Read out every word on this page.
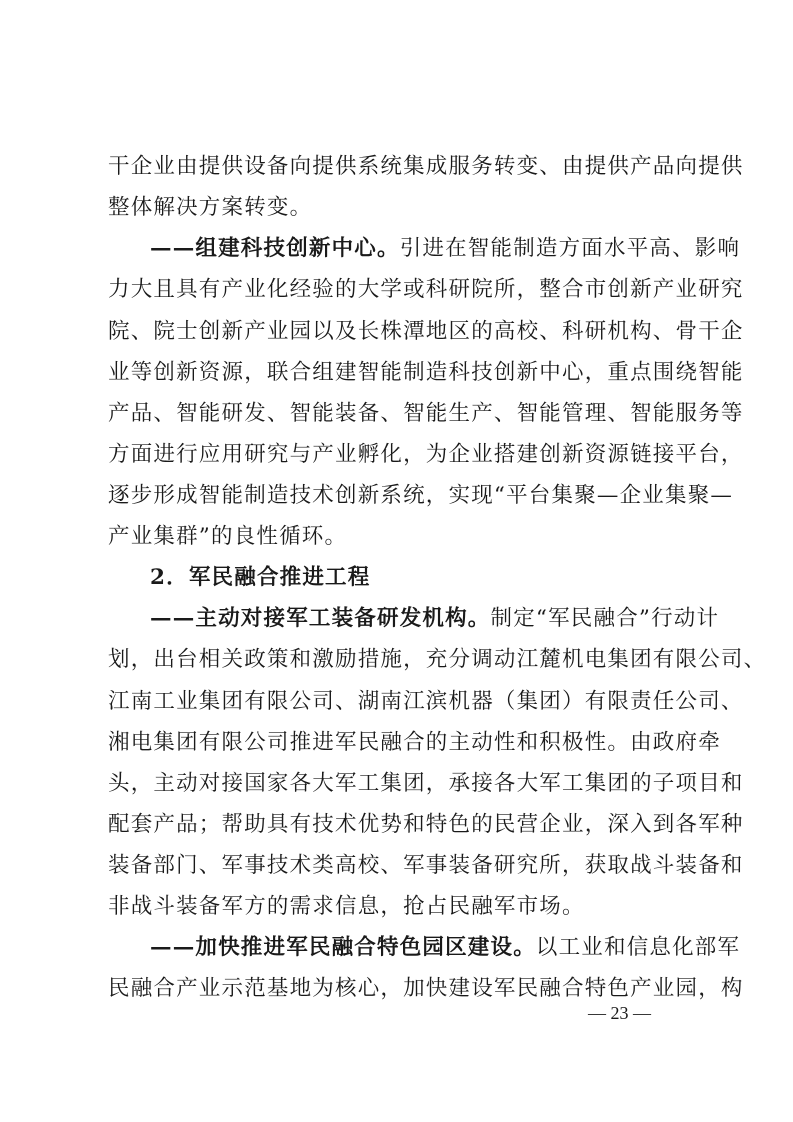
干企业由提供设备向提供系统集成服务转变、由提供产品向提供
整体解决方案转变。
——组建科技创新中心。引进在智能制造方面水平高、影响
力大且具有产业化经验的大学或科研院所，整合市创新产业研究
院、院士创新产业园以及长株潭地区的高校、科研机构、骨干企
业等创新资源，联合组建智能制造科技创新中心，重点围绕智能
产品、智能研发、智能装备、智能生产、智能管理、智能服务等
方面进行应用研究与产业孵化，为企业搭建创新资源链接平台，
逐步形成智能制造技术创新系统，实现“平台集聚—企业集聚—
产业集群”的良性循环。
2．军民融合推进工程
——主动对接军工装备研发机构。制定“军民融合”行动计
划，出台相关政策和激励措施，充分调动江麓机电集团有限公司、
江南工业集团有限公司、湖南江滨机器（集团）有限责任公司、
湘电集团有限公司推进军民融合的主动性和积极性。由政府牵
头，主动对接国家各大军工集团，承接各大军工集团的子项目和
配套产品；帮助具有技术优势和特色的民营企业，深入到各军种
装备部门、军事技术类高校、军事装备研究所，获取战斗装备和
非战斗装备军方的需求信息，抢占民融军市场。
——加快推进军民融合特色园区建设。以工业和信息化部军
民融合产业示范基地为核心，加快建设军民融合特色产业园，构
— 23 —
